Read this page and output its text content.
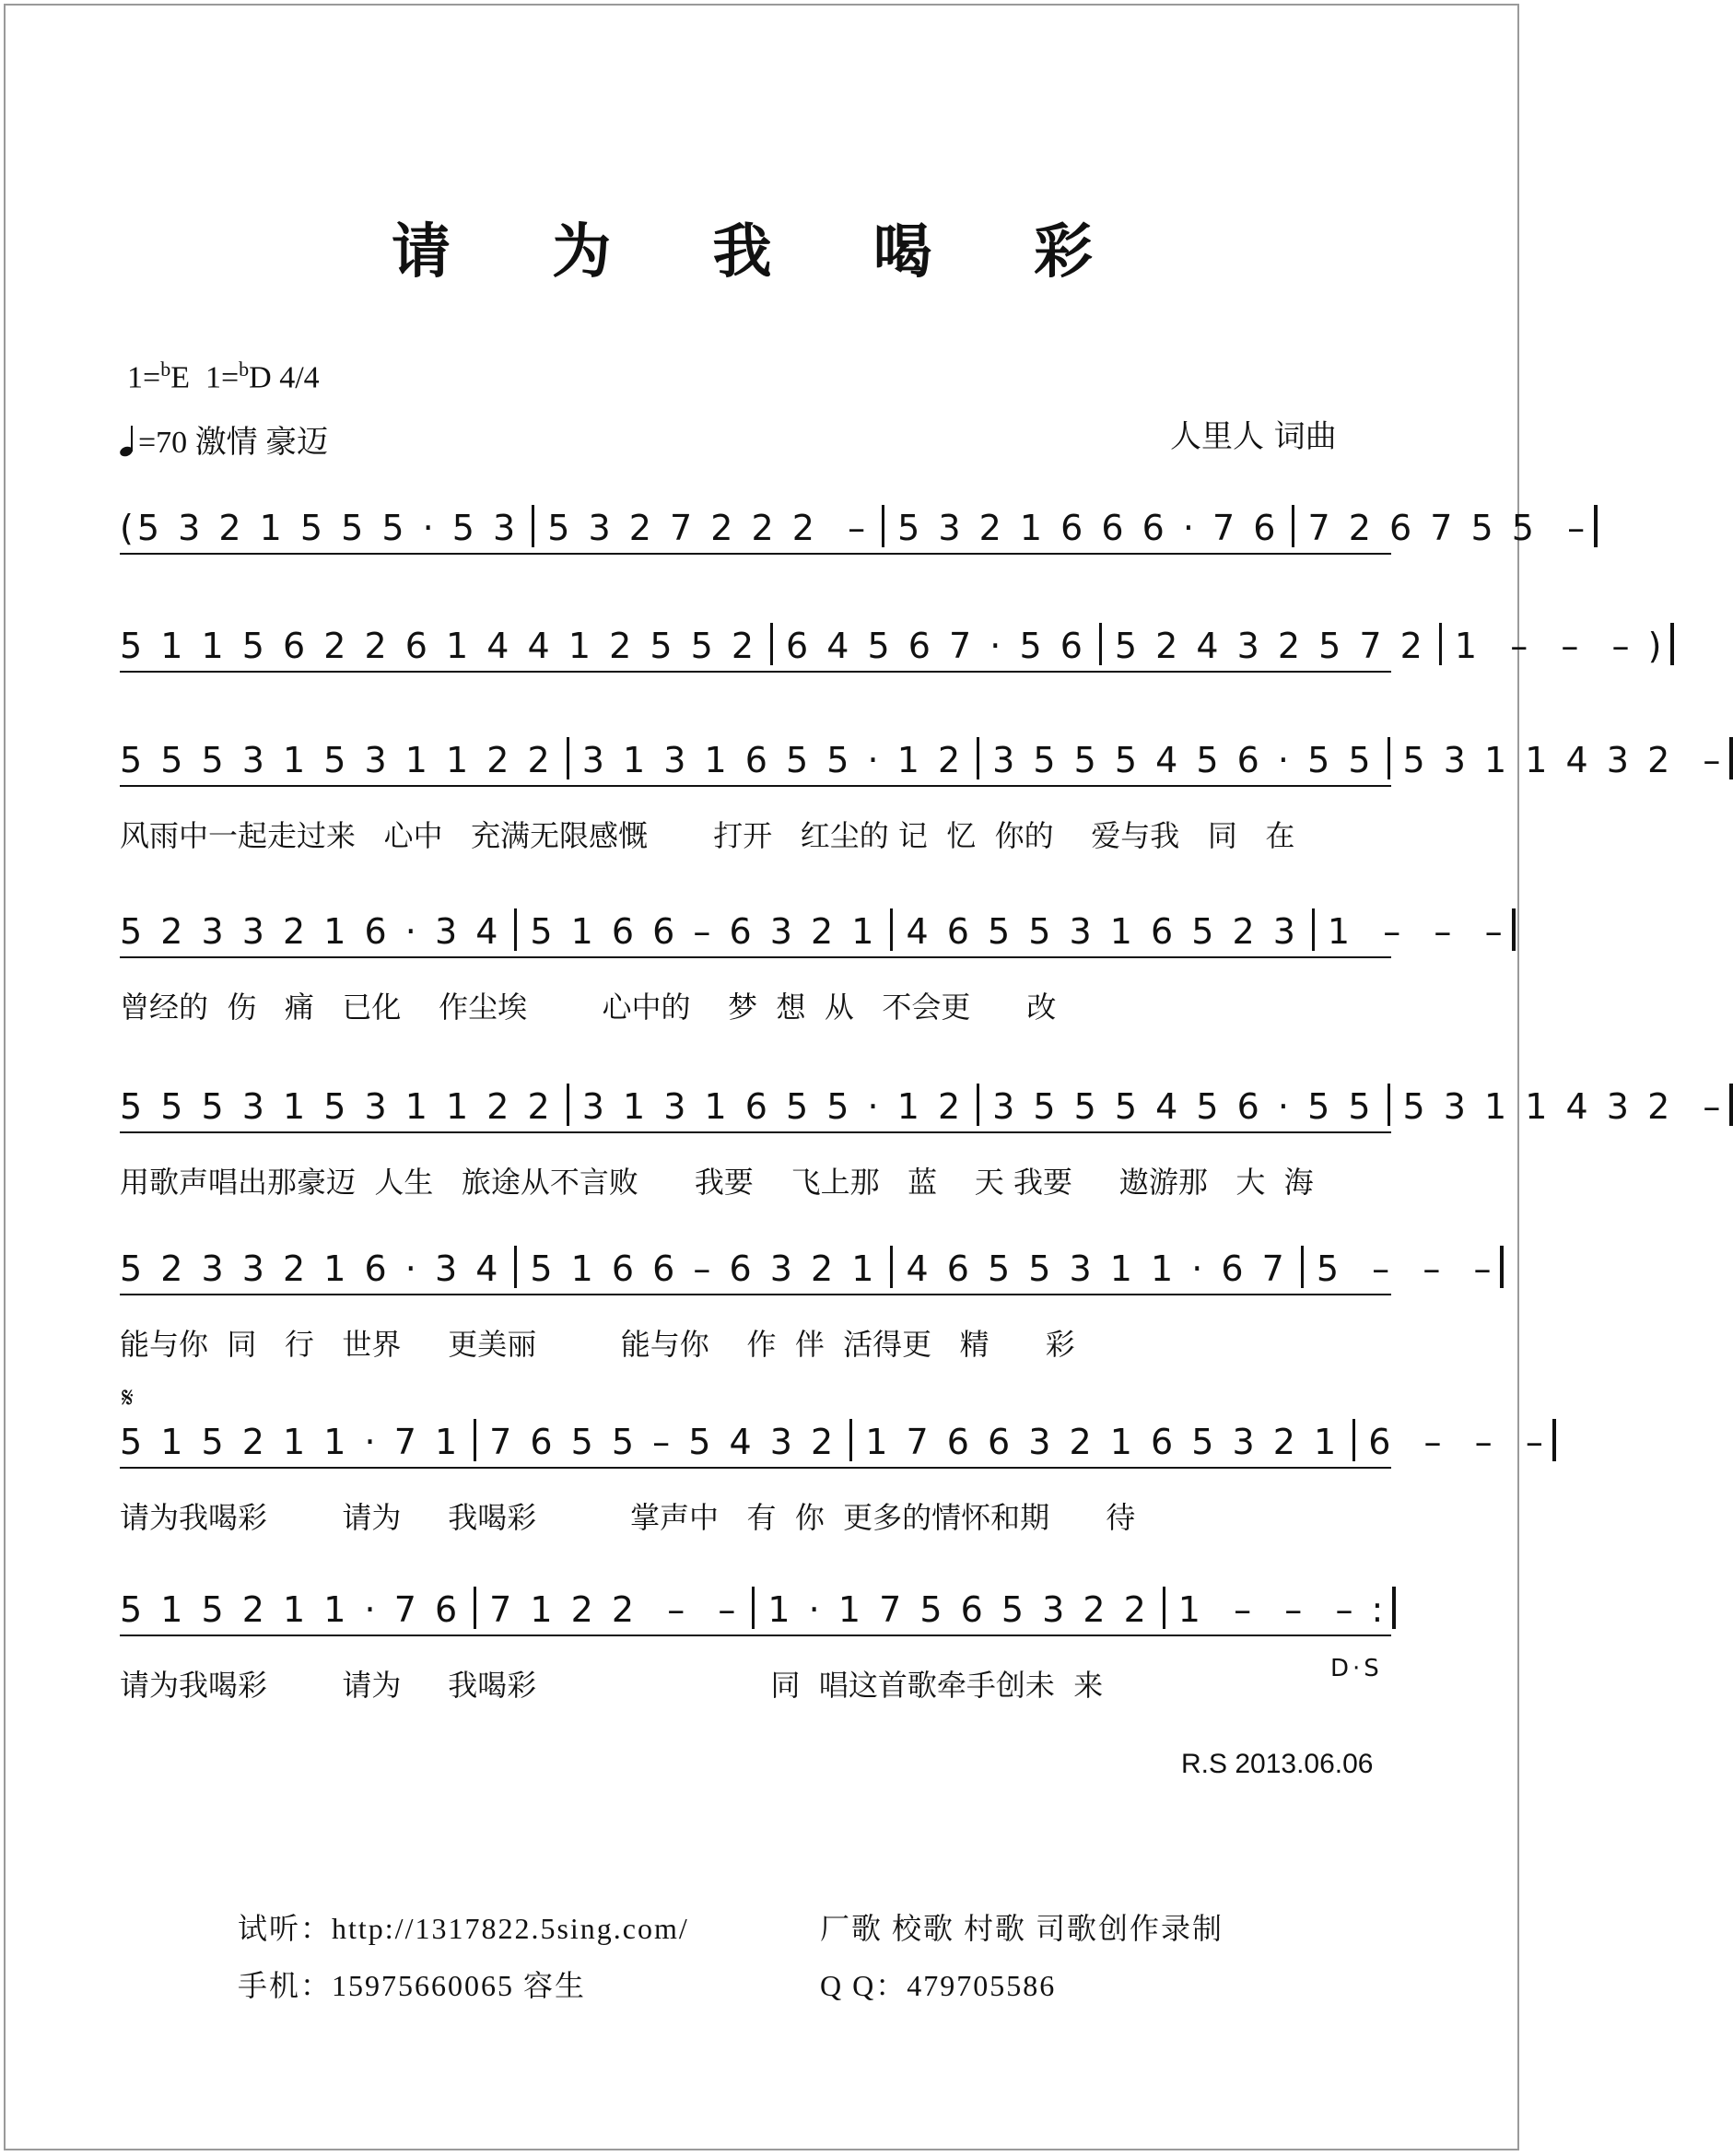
请 为 我 喝 彩
1=$^b$E 1=$^b$D 4/4
=70 激情 豪迈	人里人 词曲
(5 3 2 1 5 5 5 · 5 3 5 3 2 7 2 2 2  – 5 3 2 1 6 6 6 · 7 6 7 2 6 7 5 5  –
5 1 1 5 6 2 2 6 1 4 4 1 2 5 5 2 6 4 5 6 7 · 5 6 5 2 4 3 2 5 7 2 1  –  –  – )
5 5 5 3 1 5 3 1 1 2 2 3 1 3 1 6 5 5 · 1 2 3 5 5 5 4 5 6 · 5 5 5 3 1 1 4 3 2  –
风雨中一起走过来   心中   充满无限感慨       打开   红尘的 记  忆  你的    爱与我   同   在
5 2 3 3 2 1 6 · 3 4 5 1 6 6 – 6 3 2 1 4 6 5 5 3 1 6 5 2 3 1  –  –  –
曾经的  伤   痛   已化    作尘埃        心中的    梦  想  从   不会更      改
5 5 5 3 1 5 3 1 1 2 2 3 1 3 1 6 5 5 · 1 2 3 5 5 5 4 5 6 · 5 5 5 3 1 1 4 3 2  –
用歌声唱出那豪迈  人生   旅途从不言败      我要    飞上那   蓝    天 我要     遨游那   大  海
5 2 3 3 2 1 6 · 3 4 5 1 6 6 – 6 3 2 1 4 6 5 5 3 1 1 · 6 7 5  –  –  –
能与你  同   行   世界     更美丽         能与你    作  伴  活得更   精      彩
5 1 5 2 1 1 · 7 1 7 6 5 5 – 5 4 3 2 1 7 6 6 3 2 1 6 5 3 2 1 6  –  –  –
请为我喝彩        请为     我喝彩          掌声中   有  你  更多的情怀和期      待
5 1 5 2 1 1 · 7 6 7 1 2 2  –  – 1 · 1 7 5 6 5 3 2 2 1  –  –  – :
请为我喝彩        请为     我喝彩                         同  唱这首歌牵手创未  来
𝄋
D·S
R.S 2013.06.06
试听：http://1317822.5sing.com/
手机：15975660065 容生
厂歌 校歌 村歌 司歌创作录制
Q Q：479705586
